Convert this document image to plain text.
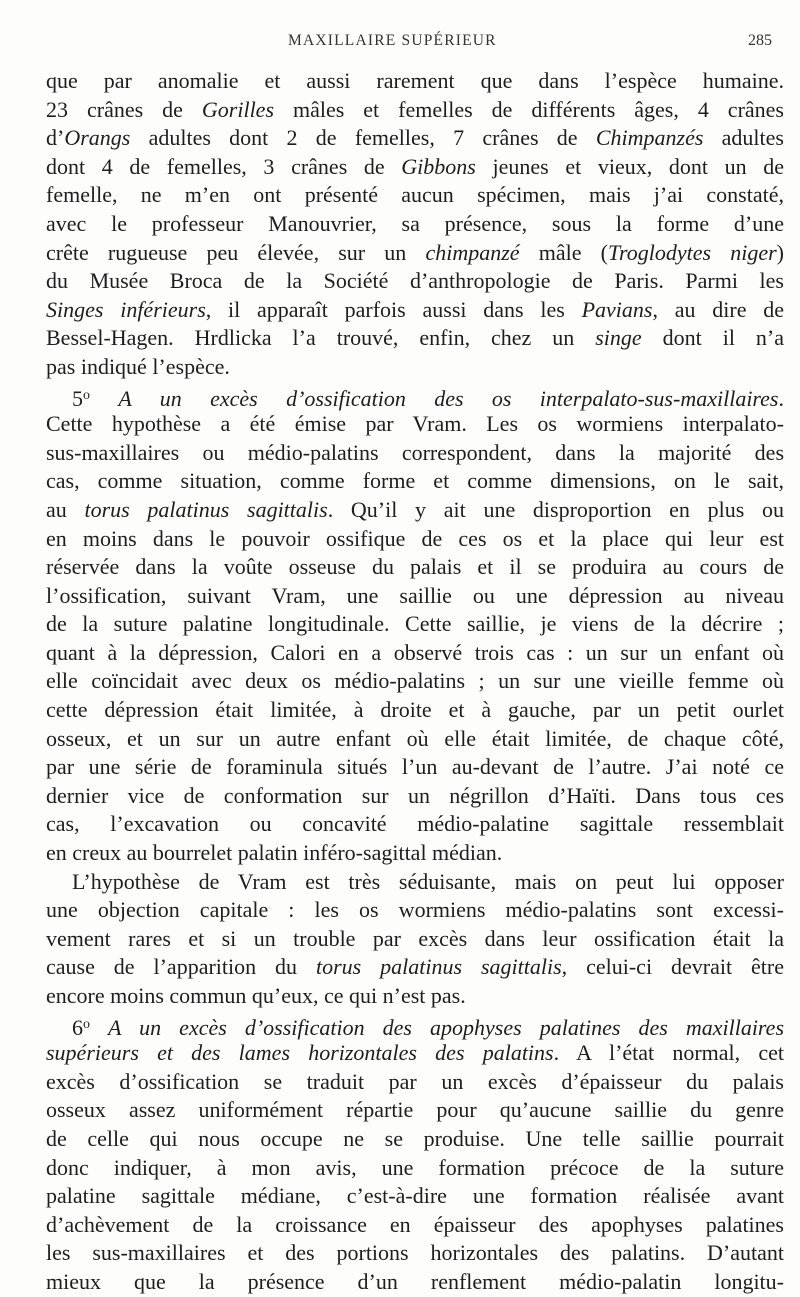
MAXILLAIRE SUPÉRIEUR	285
que par anomalie et aussi rarement que dans l’espèce humaine.
23 crânes de Gorilles mâles et femelles de différents âges, 4 crânes
d’Orangs adultes dont 2 de femelles, 7 crânes de Chimpanzés adultes
dont 4 de femelles, 3 crânes de Gibbons jeunes et vieux, dont un de
femelle, ne m’en ont présenté aucun spécimen, mais j’ai constaté,
avec le professeur Manouvrier, sa présence, sous la forme d’une
crête rugueuse peu élevée, sur un chimpanzé mâle (Troglodytes niger)
du Musée Broca de la Société d’anthropologie de Paris. Parmi les
Singes inférieurs, il apparaît parfois aussi dans les Pavians, au dire de
Bessel-Hagen. Hrdlicka l’a trouvé, enfin, chez un singe dont il n’a
pas indiqué l’espèce.
5$^o$ A un excès d’ossification des os interpalato-sus-maxillaires.
Cette hypothèse a été émise par Vram. Les os wormiens interpalato-
sus-maxillaires ou médio-palatins correspondent, dans la majorité des
cas, comme situation, comme forme et comme dimensions, on le sait,
au torus palatinus sagittalis. Qu’il y ait une disproportion en plus ou
en moins dans le pouvoir ossifique de ces os et la place qui leur est
réservée dans la voûte osseuse du palais et il se produira au cours de
l’ossification, suivant Vram, une saillie ou une dépression au niveau
de la suture palatine longitudinale. Cette saillie, je viens de la décrire ;
quant à la dépression, Calori en a observé trois cas : un sur un enfant où
elle coïncidait avec deux os médio-palatins ; un sur une vieille femme où
cette dépression était limitée, à droite et à gauche, par un petit ourlet
osseux, et un sur un autre enfant où elle était limitée, de chaque côté,
par une série de foraminula situés l’un au-devant de l’autre. J’ai noté ce
dernier vice de conformation sur un négrillon d’Haïti. Dans tous ces
cas, l’excavation ou concavité médio-palatine sagittale ressemblait
en creux au bourrelet palatin inféro-sagittal médian.
L’hypothèse de Vram est très séduisante, mais on peut lui opposer
une objection capitale : les os wormiens médio-palatins sont excessi-
vement rares et si un trouble par excès dans leur ossification était la
cause de l’apparition du torus palatinus sagittalis, celui-ci devrait être
encore moins commun qu’eux, ce qui n’est pas.
6$^o$ A un excès d’ossification des apophyses palatines des maxillaires
supérieurs et des lames horizontales des palatins. A l’état normal, cet
excès d’ossification se traduit par un excès d’épaisseur du palais
osseux assez uniformément répartie pour qu’aucune saillie du genre
de celle qui nous occupe ne se produise. Une telle saillie pourrait
donc indiquer, à mon avis, une formation précoce de la suture
palatine sagittale médiane, c’est-à-dire une formation réalisée avant
d’achèvement de la croissance en épaisseur des apophyses palatines
les sus-maxillaires et des portions horizontales des palatins. D’autant
mieux que la présence d’un renflement médio-palatin longitu-
